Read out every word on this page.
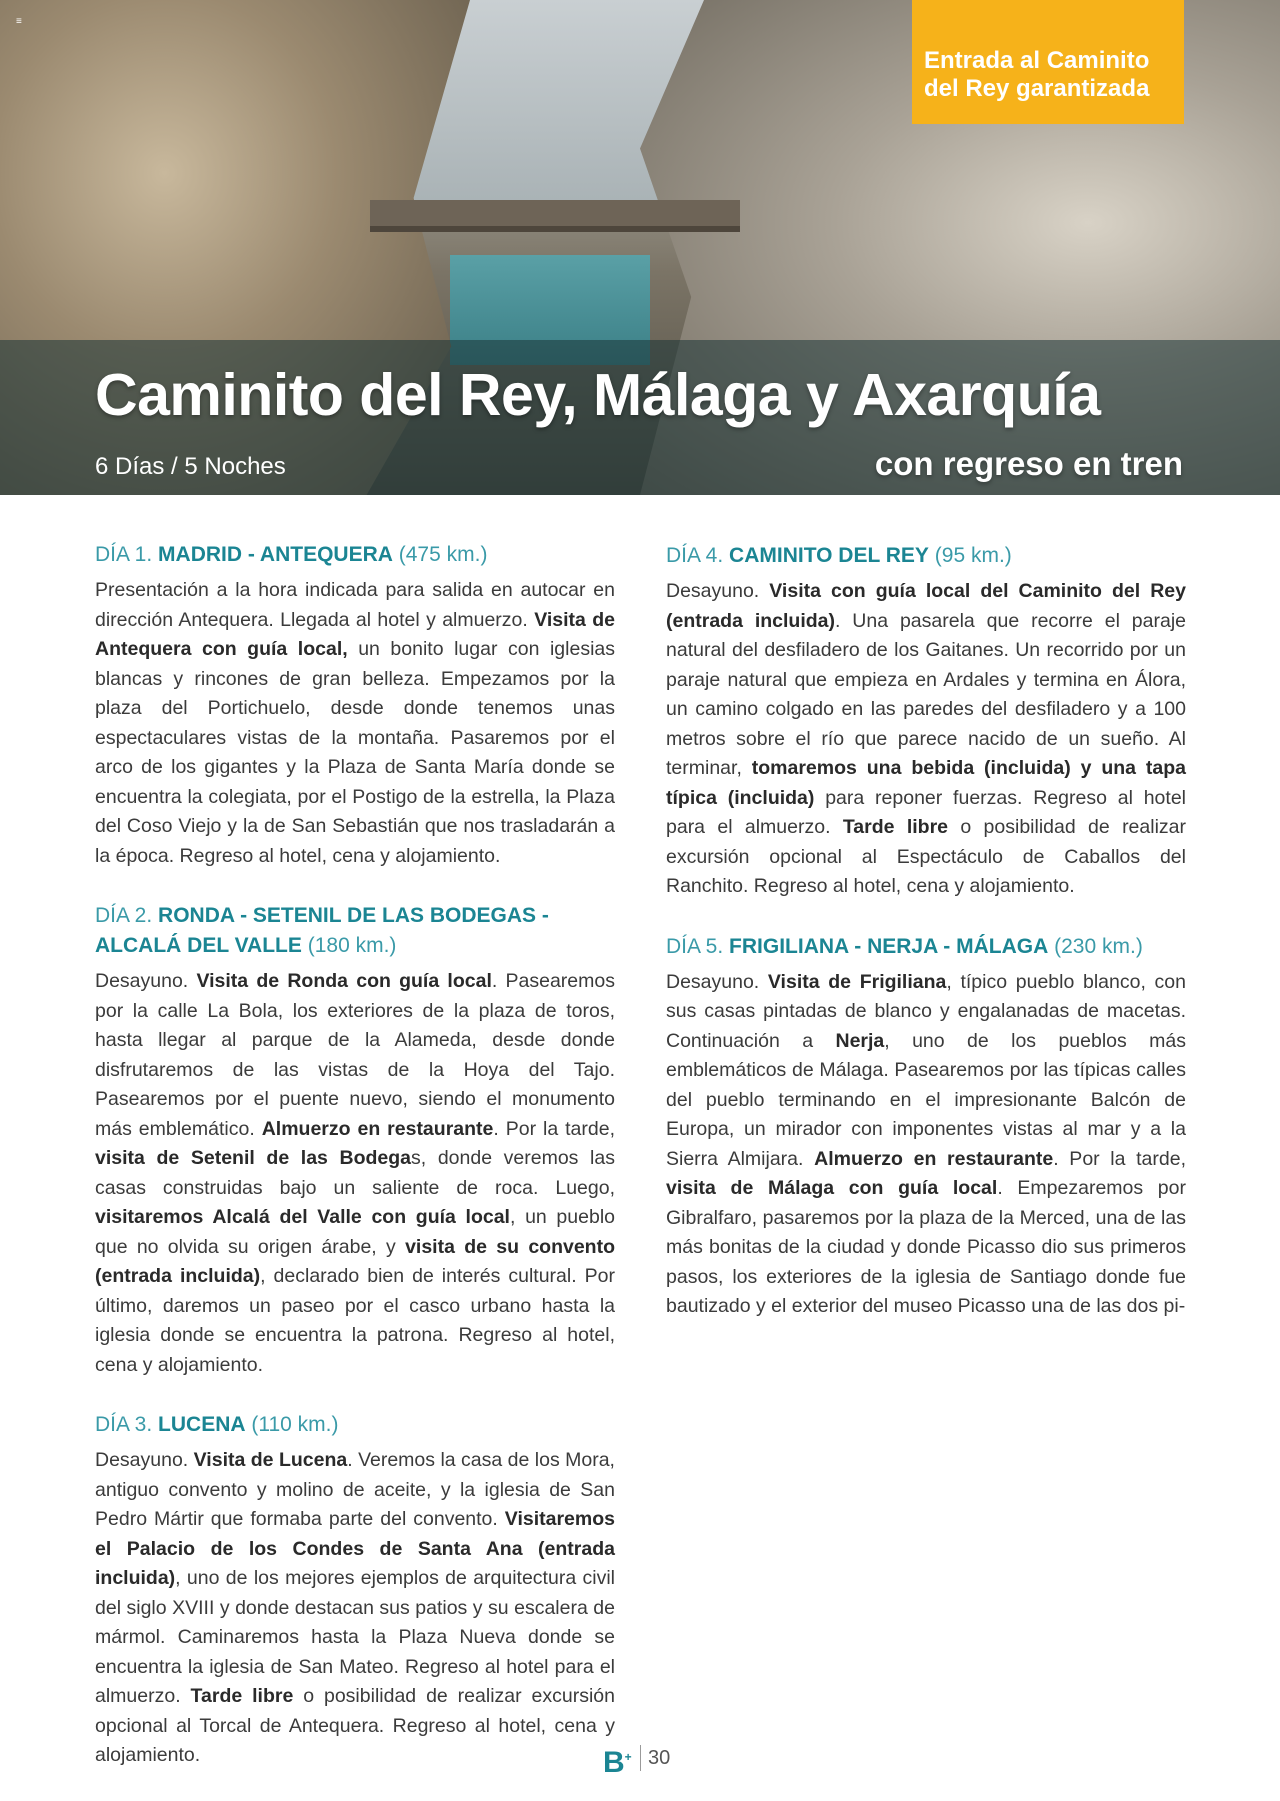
≡
Entrada al Caminito del Rey garantizada
Caminito del Rey, Málaga y Axarquía
6 Días / 5 Noches	con regreso en tren
DÍA 1. MADRID - ANTEQUERA (475 km.)

Presentación a la hora indicada para salida en autocar en dirección Antequera. Llegada al hotel y almuerzo. Visita de Antequera con guía local, un bonito lugar con iglesias blancas y rincones de gran belleza. Empezamos por la plaza del Portichuelo, desde donde tenemos unas espectaculares vistas de la montaña. Pasaremos por el arco de los gigantes y la Plaza de Santa María donde se encuentra la colegiata, por el Postigo de la estrella, la Plaza del Coso Viejo y la de San Sebastián que nos trasladarán a la época. Regreso al hotel, cena y alojamiento.

DÍA 2. RONDA - SETENIL DE LAS BODEGAS - ALCALÁ DEL VALLE (180 km.)

Desayuno. Visita de Ronda con guía local. Pasearemos por la calle La Bola, los exteriores de la plaza de toros, hasta llegar al parque de la Alameda, desde donde disfrutaremos de las vistas de la Hoya del Tajo. Pasearemos por el puente nuevo, siendo el monumento más emblemático. Almuerzo en restaurante. Por la tarde, visita de Setenil de las Bodegas, donde veremos las casas construidas bajo un saliente de roca. Luego, visitaremos Alcalá del Valle con guía local, un pueblo que no olvida su origen árabe, y visita de su convento (entrada incluida), declarado bien de interés cultural. Por último, daremos un paseo por el casco urbano hasta la iglesia donde se encuentra la patrona. Regreso al hotel, cena y alojamiento.

DÍA 3. LUCENA (110 km.)

Desayuno. Visita de Lucena. Veremos la casa de los Mora, antiguo convento y molino de aceite, y la iglesia de San Pedro Mártir que formaba parte del convento. Visitaremos el Palacio de los Condes de Santa Ana (entrada incluida), uno de los mejores ejemplos de arquitectura civil del siglo XVIII y donde destacan sus patios y su escalera de mármol. Caminaremos hasta la Plaza Nueva donde se encuentra la iglesia de San Mateo. Regreso al hotel para el almuerzo. Tarde libre o posibilidad de realizar excursión opcional al Torcal de Antequera. Regreso al hotel, cena y alojamiento.

DÍA 4. CAMINITO DEL REY (95 km.)

Desayuno. Visita con guía local del Caminito del Rey (entrada incluida). Una pasarela que recorre el paraje natural del desfiladero de los Gaitanes. Un recorrido por un paraje natural que empieza en Ardales y termina en Álora, un camino colgado en las paredes del desfiladero y a 100 metros sobre el río que parece nacido de un sueño. Al terminar, tomaremos una bebida (incluida) y una tapa típica (incluida) para reponer fuerzas. Regreso al hotel para el almuerzo. Tarde libre o posibilidad de realizar excursión opcional al Espectáculo de Caballos del Ranchito. Regreso al hotel, cena y alojamiento.

DÍA 5. FRIGILIANA - NERJA - MÁLAGA (230 km.)

Desayuno. Visita de Frigiliana, típico pueblo blanco, con sus casas pintadas de blanco y engalanadas de macetas. Continuación a Nerja, uno de los pueblos más emblemáticos de Málaga. Pasearemos por las típicas calles del pueblo terminando en el impresionante Balcón de Europa, un mirador con imponentes vistas al mar y a la Sierra Almijara. Almuerzo en restaurante. Por la tarde, visita de Málaga con guía local. Empezaremos por Gibralfaro, pasaremos por la plaza de la Merced, una de las más bonitas de la ciudad y donde Picasso dio sus primeros pasos, los exteriores de la iglesia de Santiago donde fue bautizado y el exterior del museo Picasso una de las dos pi-

B+ 30
